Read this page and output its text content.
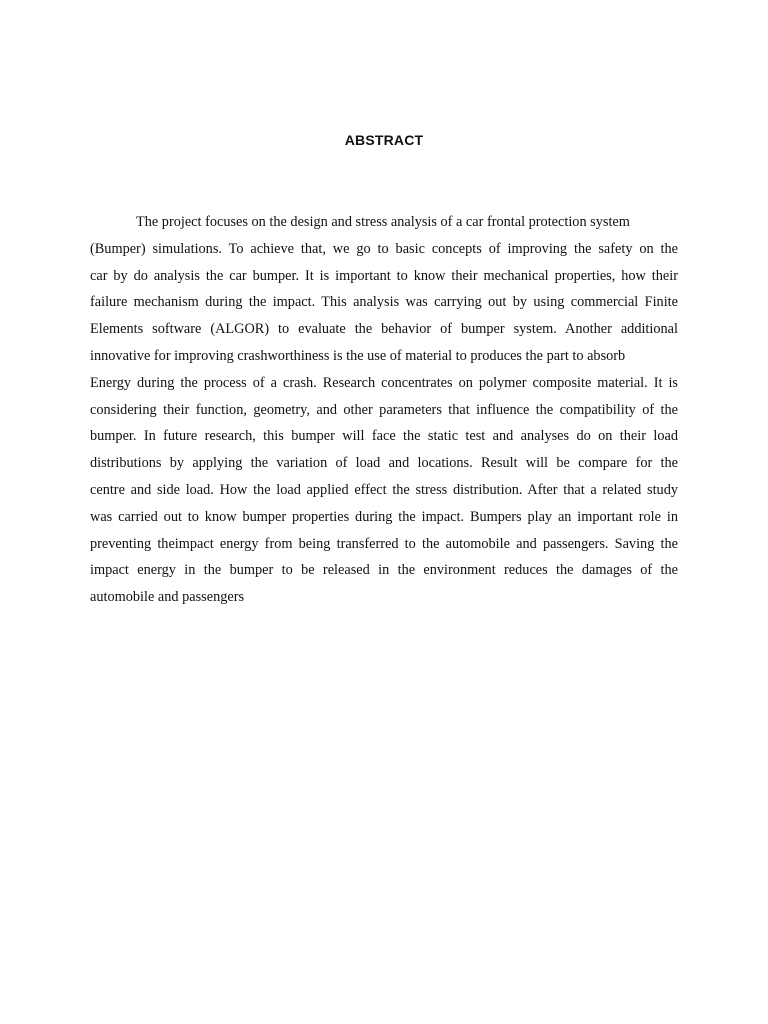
ABSTRACT
The project focuses on the design and stress analysis of a car frontal protection system
(Bumper) simulations. To achieve that, we go to basic concepts of improving the safety on the
car by do analysis the car bumper. It is important to know their mechanical properties, how their
failure mechanism during the impact. This analysis was carrying out by using commercial Finite
Elements software (ALGOR) to evaluate the behavior of bumper system. Another additional
innovative for improving crashworthiness is the use of material to produces the part to absorb
Energy during the process of a crash. Research concentrates on polymer composite material. It is
considering their function, geometry, and other parameters that influence the compatibility of the
bumper. In future research, this bumper will face the static test and analyses do on their load
distributions by applying the variation of load and locations. Result will be compare for the
centre and side load. How the load applied effect the stress distribution. After that a related study
was carried out to know bumper properties during the impact. Bumpers play an important role in
preventing theimpact energy from being transferred to the automobile and passengers. Saving the
impact energy in the bumper to be released in the environment reduces the damages of the
automobile and passengers
